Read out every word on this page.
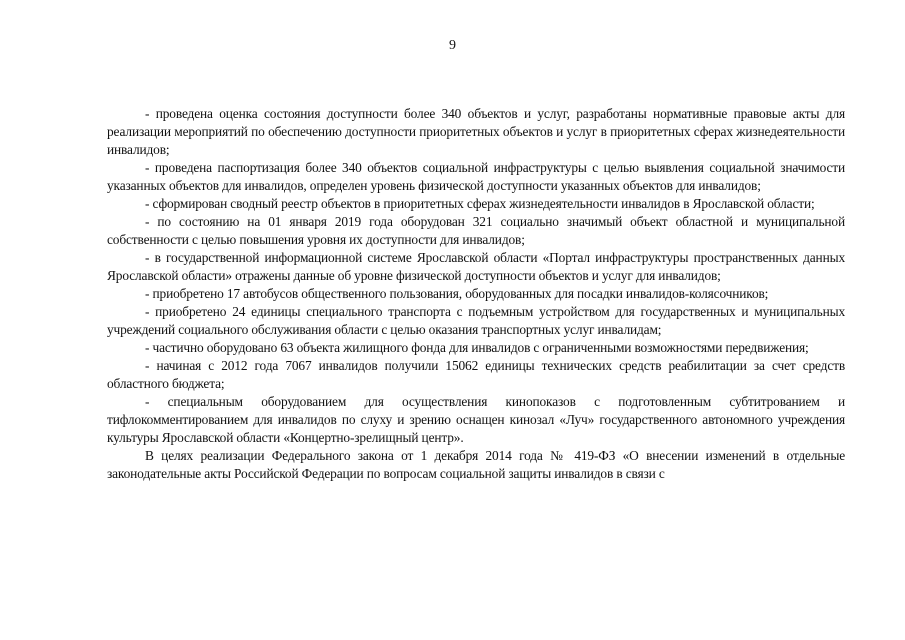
9

- проведена оценка состояния доступности более 340 объектов и услуг, разработаны нормативные правовые акты для реализации мероприятий по обеспечению доступности приоритетных объектов и услуг в приоритетных сферах жизнедеятельности инвалидов;

- проведена паспортизация более 340 объектов социальной инфраструктуры с целью выявления социальной значимости указанных объектов для инвалидов, определен уровень физической доступности указанных объектов для инвалидов;

- сформирован сводный реестр объектов в приоритетных сферах жизнедеятельности инвалидов в Ярославской области;

- по состоянию на 01 января 2019 года оборудован 321 социально значимый объект областной и муниципальной собственности с целью повышения уровня их доступности для инвалидов;

- в государственной информационной системе Ярославской области «Портал инфраструктуры пространственных данных Ярославской области» отражены данные об уровне физической доступности объектов и услуг для инвалидов;

- приобретено 17 автобусов общественного пользования, оборудованных для посадки инвалидов-колясочников;

- приобретено 24 единицы специального транспорта с подъемным устройством для государственных и муниципальных учреждений социального обслуживания области с целью оказания транспортных услуг инвалидам;

- частично оборудовано 63 объекта жилищного фонда для инвалидов с ограниченными возможностями передвижения;

- начиная с 2012 года 7067 инвалидов получили 15062 единицы технических средств реабилитации за счет средств областного бюджета;

- специальным оборудованием для осуществления кинопоказов с подготовленным субтитрованием и тифлокомментированием для инвалидов по слуху и зрению оснащен кинозал «Луч» государственного автономного учреждения культуры Ярославской области «Концертно-зрелищный центр».

В целях реализации Федерального закона от 1 декабря 2014 года № 419-ФЗ «О внесении изменений в отдельные законодательные акты Российской Федерации по вопросам социальной защиты инвалидов в связи с
